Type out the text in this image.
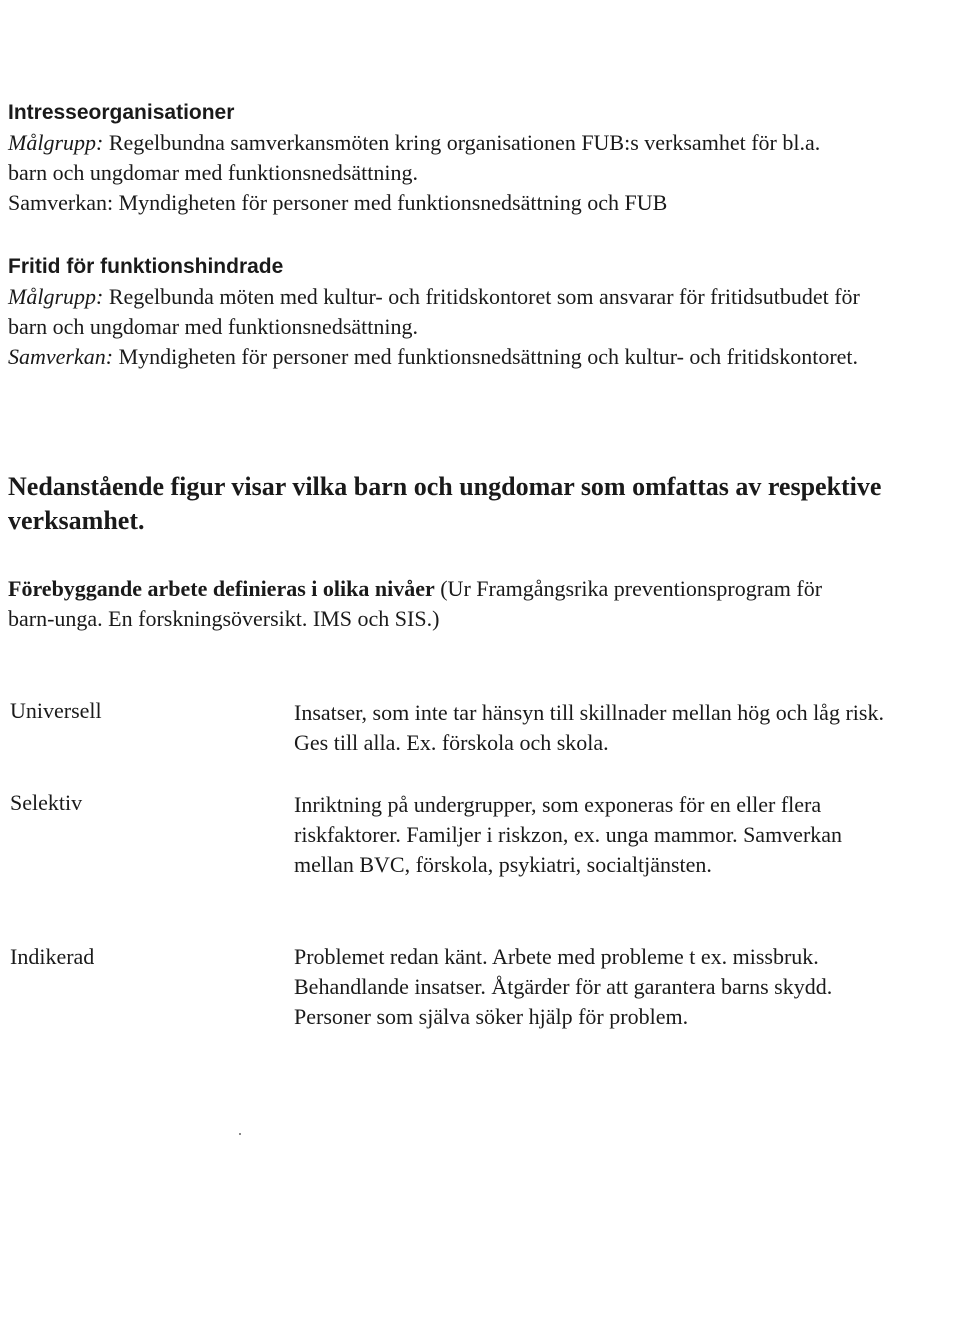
Intresseorganisationer
Målgrupp: Regelbundna samverkansmöten kring organisationen FUB:s verksamhet för bl.a. barn och ungdomar med funktionsnedsättning.
Samverkan: Myndigheten för personer med funktionsnedsättning och FUB
Fritid för funktionshindrade
Målgrupp: Regelbunda möten med kultur- och fritidskontoret som ansvarar för fritidsutbudet för barn och ungdomar med funktionsnedsättning.
Samverkan: Myndigheten för personer med funktionsnedsättning och kultur- och fritidskontoret.
Nedanstående figur visar vilka barn och ungdomar som omfattas av respektive verksamhet.
Förebyggande arbete definieras i olika nivåer (Ur Framgångsrika preventionsprogram för barn-unga. En forskningsöversikt. IMS och SIS.)
Universell	Insatser, som inte tar hänsyn till skillnader mellan hög och låg risk. Ges till alla. Ex. förskola och skola.
Selektiv	Inriktning på undergrupper, som exponeras för en eller flera riskfaktorer. Familjer i riskzon, ex. unga mammor. Samverkan mellan BVC, förskola, psykiatri, socialtjänsten.
Indikerad	Problemet redan känt. Arbete med probleme t ex. missbruk. Behandlande insatser. Åtgärder för att garantera barns skydd. Personer som själva söker hjälp för problem.
